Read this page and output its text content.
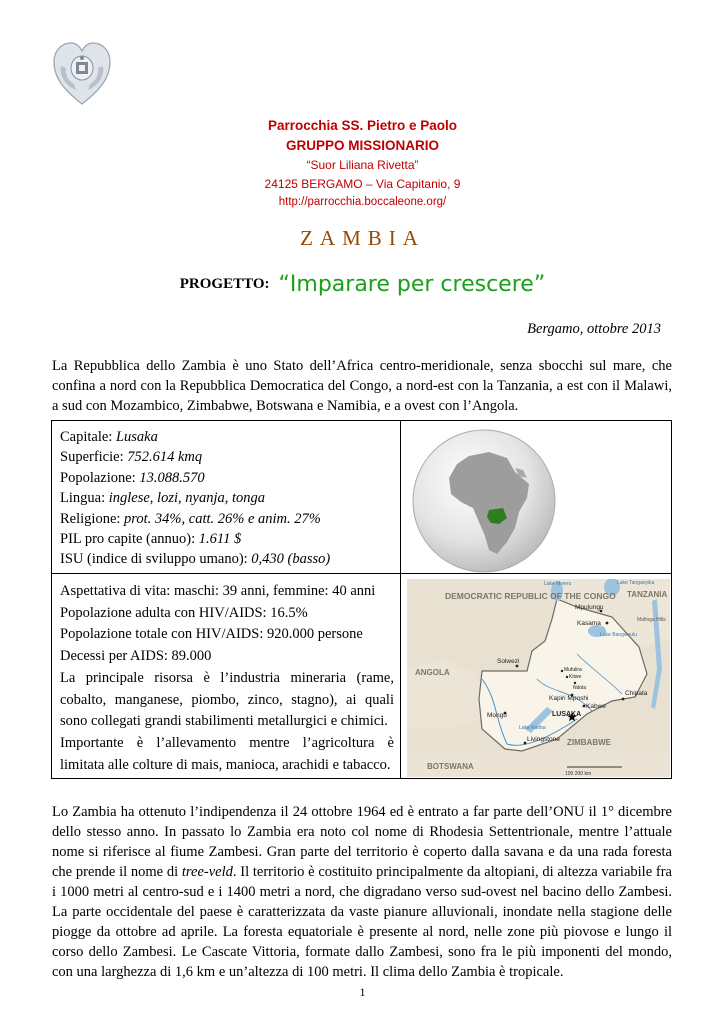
Parrocchia SS. Pietro e Paolo
GRUPPO MISSIONARIO
“Suor Liliana Rivetta”
24125 BERGAMO – Via Capitanio, 9
http://parrocchia.boccaleone.org/
ZAMBIA
PROGETTO: “Imparare per crescere”
Bergamo, ottobre 2013

La Repubblica dello Zambia è uno Stato dell’Africa centro-meridionale, senza sbocchi sul mare, che confina a nord con la Repubblica Democratica del Congo, a nord-est con la Tanzania, a est con il Malawi, a sud con Mozambico, Zimbabwe, Botswana e Namibia, e a ovest con l’Angola.

Capitale: Lusaka
Superficie: 752.614 kmq
Popolazione: 13.088.570
Lingua: inglese, lozi, nyanja, tonga
Religione: prot. 34%, catt. 26% e anim. 27%
PIL pro capite (annuo): 1.611 $
ISU (indice di sviluppo umano): 0,430 (basso)

Aspettativa di vita: maschi: 39 anni, femmine: 40 anni

Popolazione adulta con HIV/AIDS: 16.5%

Popolazione totale con HIV/AIDS: 920.000 persone

Decessi per AIDS: 89.000

La principale risorsa è l’industria mineraria (rame, cobalto, manganese, piombo, zinco, stagno), ai quali sono collegati grandi stabilimenti metallurgici e chimici.

Importante è l’allevamento mentre l’agricoltura è limitata alle colture di mais, manioca, arachidi e tabacco.

DEMOCRATIC REPUBLIC OF THE CONGO TANZANIA
ANGOLA
ZIMBABWE
BOTSWANA
Lake Mweru	Lake Tanganyika
Lake Bangweulu
Lake Kariba
Mafinga Hills
Mpulungu
Kasama
Solwezi
Mufulira
Kitwe
Ndola
Kapiri Mposhi
Chipata
Mongu	LUSAKA
Kabwe
Livingstone
100 200 km

Lo Zambia ha ottenuto l’indipendenza il 24 ottobre 1964 ed è entrato a far parte dell’ONU il 1° dicembre dello stesso anno. In passato lo Zambia era noto col nome di Rhodesia Settentrionale, mentre l’attuale nome si riferisce al fiume Zambesi. Gran parte del territorio è coperto dalla savana e da una rada foresta che prende il nome di tree-veld. Il territorio è costituito principalmente da altopiani, di altezza variabile fra i 1000 metri al centro-sud e i 1400 metri a nord, che digradano verso sud-ovest nel bacino dello Zambesi. La parte occidentale del paese è caratterizzata da vaste pianure alluvionali, inondate nella stagione delle piogge da ottobre ad aprile. La foresta equatoriale è presente al nord, nelle zone più piovose e lungo il corso dello Zambesi. Le Cascate Vittoria, formate dallo Zambesi, sono fra le più imponenti del mondo, con una larghezza di 1,6 km e un’altezza di 100 metri. Il clima dello Zambia è tropicale.

1
